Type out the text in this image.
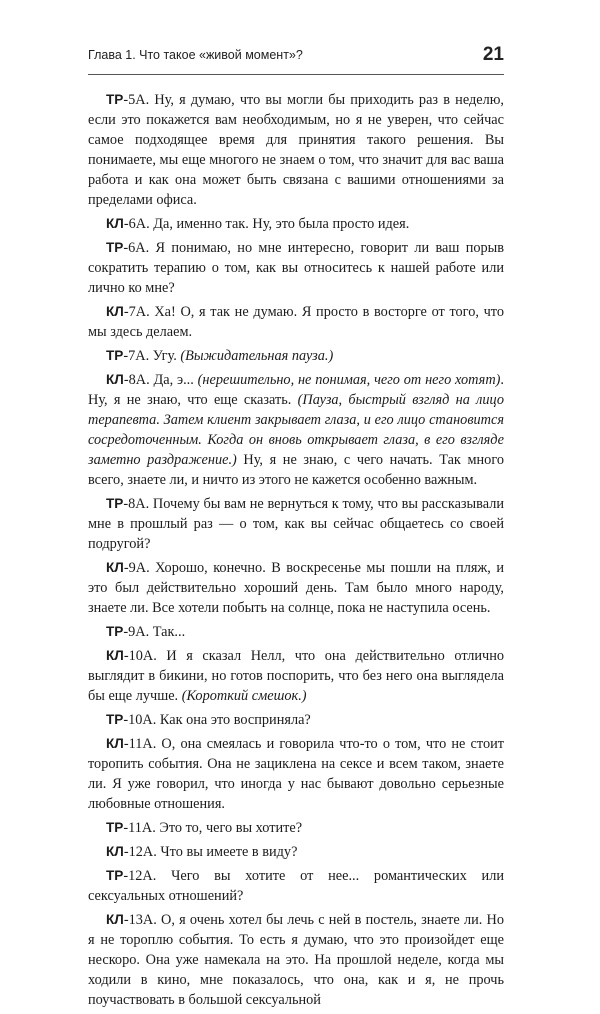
Глава 1. Что такое «живой момент»?	21

ТР-5А. Ну, я думаю, что вы могли бы приходить раз в неделю, если это покажется вам необходимым, но я не уверен, что сейчас самое подходящее время для принятия такого решения. Вы понимаете, мы еще многого не знаем о том, что значит для вас ваша работа и как она может быть связана с вашими отношениями за пределами офиса.

КЛ-6А. Да, именно так. Ну, это была просто идея.

ТР-6А. Я понимаю, но мне интересно, говорит ли ваш порыв сократить терапию о том, как вы относитесь к нашей работе или лично ко мне?

КЛ-7А. Ха! О, я так не думаю. Я просто в восторге от того, что мы здесь делаем.

ТР-7А. Угу. (Выжидательная пауза.)

КЛ-8А. Да, э... (нерешительно, не понимая, чего от него хотят). Ну, я не знаю, что еще сказать. (Пауза, быстрый взгляд на лицо терапевта. Затем клиент закрывает глаза, и его лицо становится сосредоточенным. Когда он вновь открывает глаза, в его взгляде заметно раздражение.) Ну, я не знаю, с чего начать. Так много всего, знаете ли, и ничто из этого не кажется особенно важным.

ТР-8А. Почему бы вам не вернуться к тому, что вы рассказывали мне в прошлый раз — о том, как вы сейчас общаетесь со своей подругой?

КЛ-9А. Хорошо, конечно. В воскресенье мы пошли на пляж, и это был действительно хороший день. Там было много народу, знаете ли. Все хотели побыть на солнце, пока не наступила осень.

ТР-9А. Так...

КЛ-10А. И я сказал Нелл, что она действительно отлично выглядит в бикини, но готов поспорить, что без него она выглядела бы еще лучше. (Короткий смешок.)

ТР-10А. Как она это восприняла?

КЛ-11А. О, она смеялась и говорила что-то о том, что не стоит торопить события. Она не зациклена на сексе и всем таком, знаете ли. Я уже говорил, что иногда у нас бывают довольно серьезные любовные отношения.

ТР-11А. Это то, чего вы хотите?

КЛ-12А. Что вы имеете в виду?

ТР-12А. Чего вы хотите от нее... романтических или сексуальных отношений?

КЛ-13А. О, я очень хотел бы лечь с ней в постель, знаете ли. Но я не тороплю события. То есть я думаю, что это произойдет еще нескоро. Она уже намекала на это. На прошлой неделе, когда мы ходили в кино, мне показалось, что она, как и я, не прочь поучаствовать в большой сексуальной
